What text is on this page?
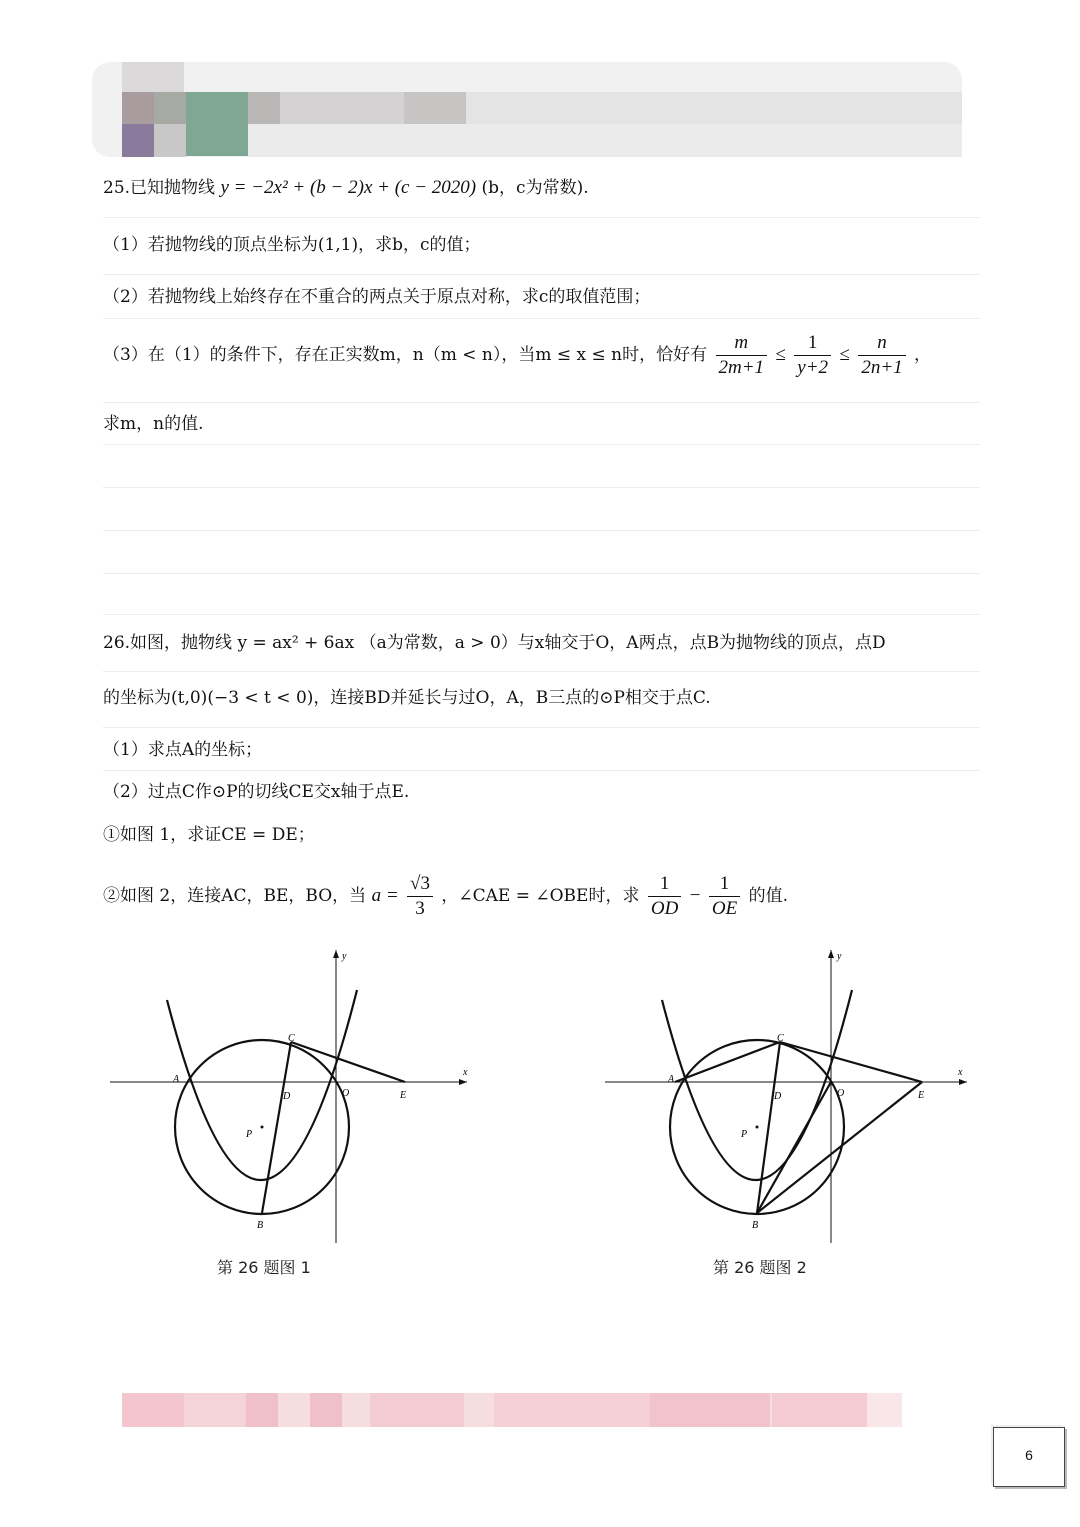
25.已知抛物线 y = −2x² + (b − 2)x + (c − 2020) (b，c为常数).
（1）若抛物线的顶点坐标为(1,1)，求b，c的值；
（2）若抛物线上始终存在不重合的两点关于原点对称，求c的取值范围；
（3）在（1）的条件下，存在正实数m，n（m < n），当m ≤ x ≤ n时，恰好有 $\frac{m}{2m+1} \le \frac{1}{y+2} \le \frac{n}{2n+1}$ ，
求m，n的值.
26.如图，抛物线 y = ax² + 6ax （a为常数，a > 0）与x轴交于O，A两点，点B为抛物线的顶点，点D
的坐标为(t,0)(−3 < t < 0)，连接BD并延长与过O，A，B三点的⊙P相交于点C.
（1）求点A的坐标；
（2）过点C作⊙P的切线CE交x轴于点E.
①如图 1，求证CE = DE；
②如图 2，连接AC，BE，BO，当 $a = \frac{√3}{3}$ ，∠CAE = ∠OBE时，求 $\frac{1}{OD} - \frac{1}{OE}$ 的值.
x
y
A
B
C
D	O	E
P
第 26 题图 1
x
y
A
B
C
D	O	E
P
第 26 题图 2
6
